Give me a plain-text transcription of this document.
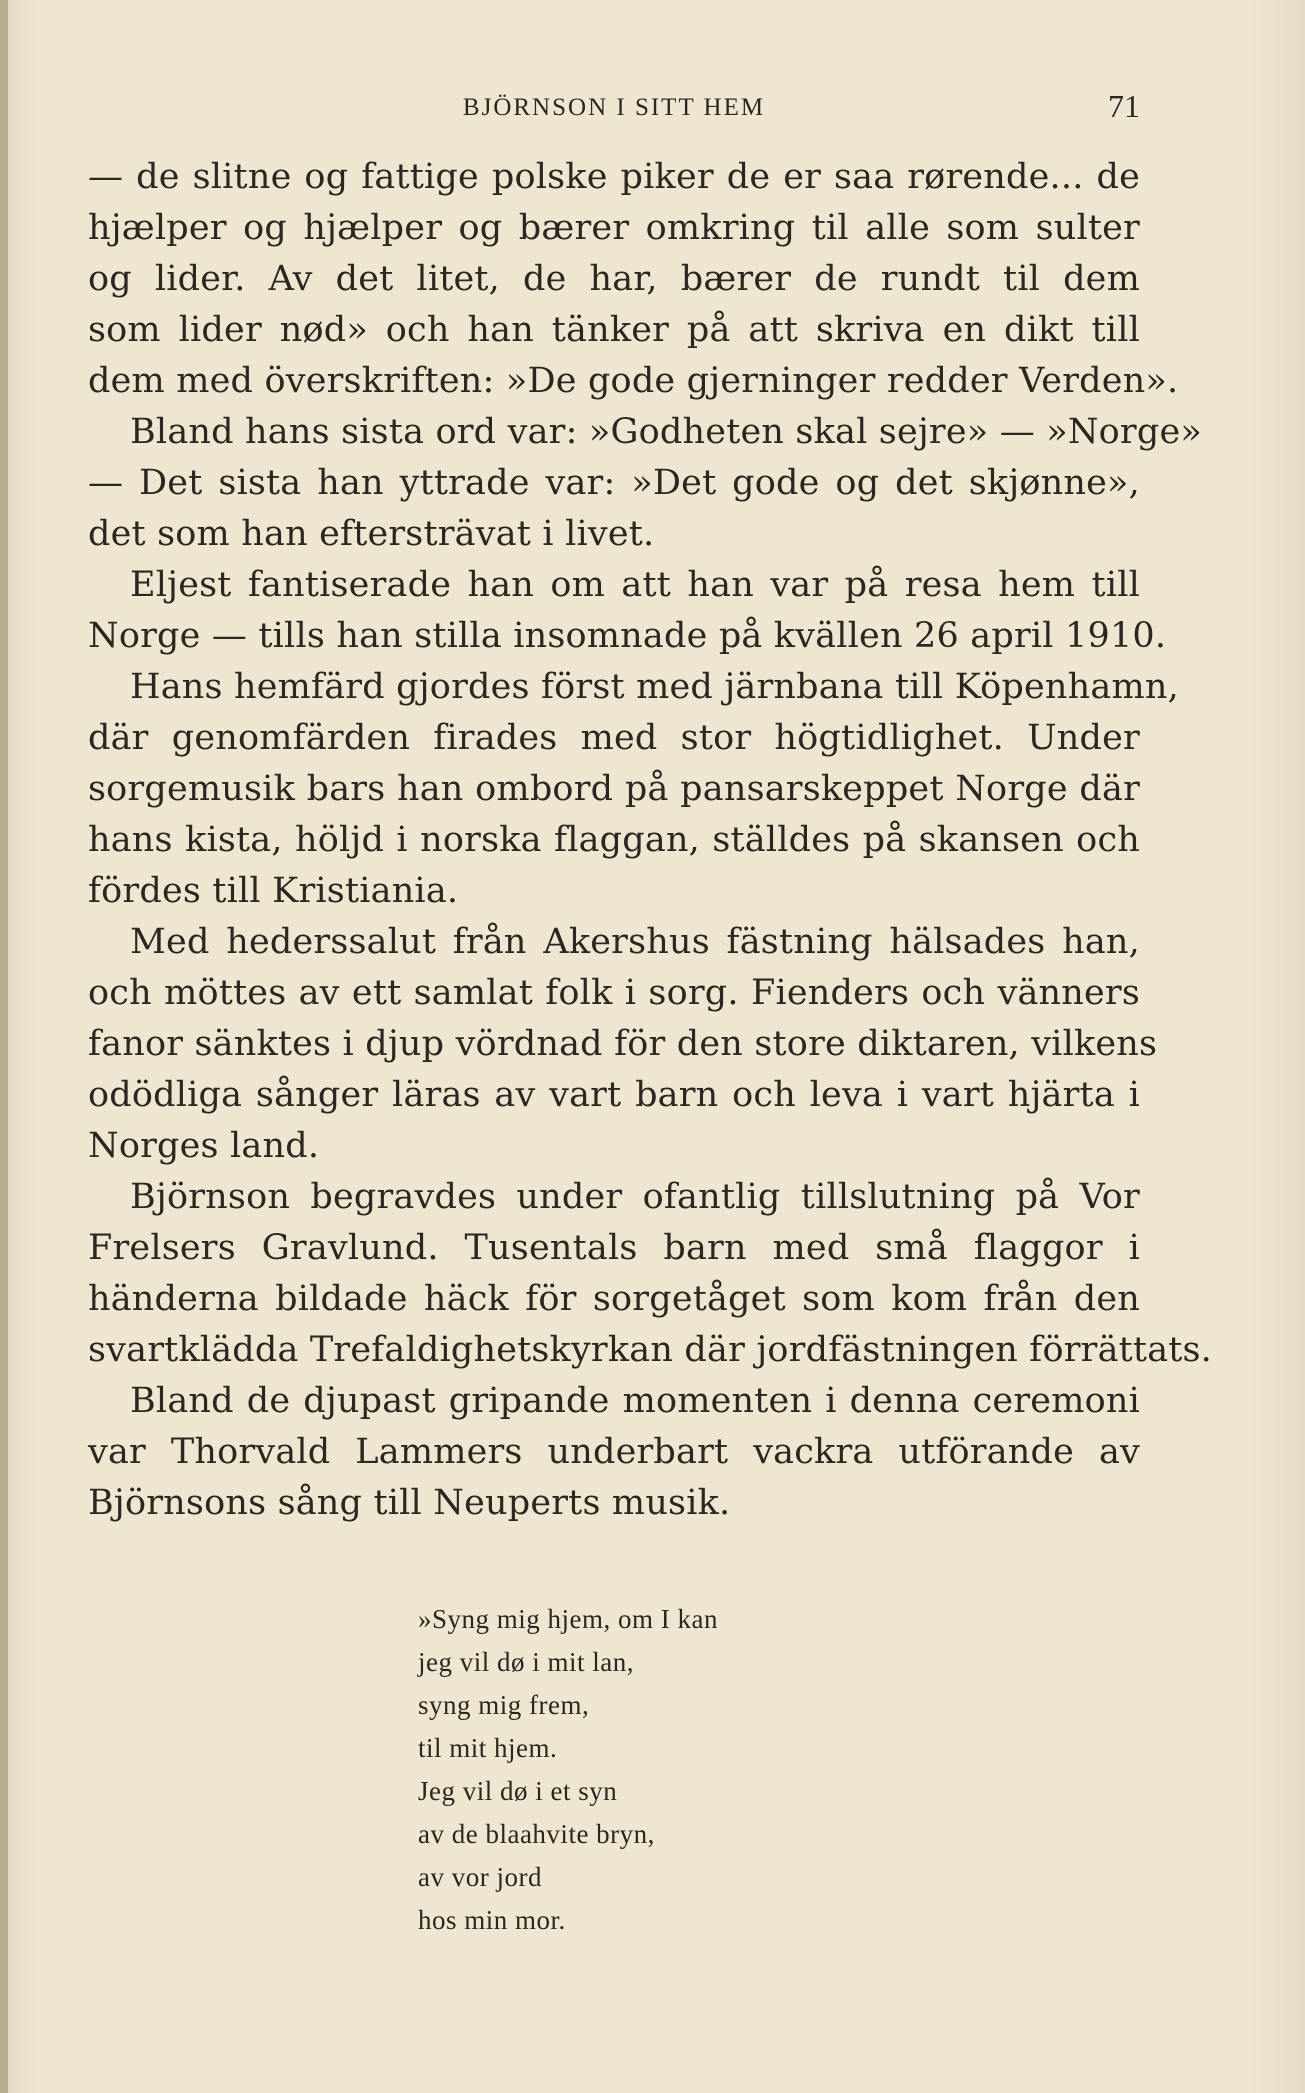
BJÖRNSON I SITT HEM	71
— de slitne og fattige polske piker de er saa rørende... de
hjælper og hjælper og bærer omkring til alle som sulter
og lider. Av det litet, de har, bærer de rundt til dem
som lider nød» och han tänker på att skriva en dikt till
dem med överskriften: »De gode gjerninger redder Verden».
Bland hans sista ord var: »Godheten skal sejre» — »Norge»
— Det sista han yttrade var: »Det gode og det skjønne»,
det som han eftersträvat i livet.
Eljest fantiserade han om att han var på resa hem till
Norge — tills han stilla insomnade på kvällen 26 april 1910.
Hans hemfärd gjordes först med järnbana till Köpenhamn,
där genomfärden firades med stor högtidlighet. Under
sorgemusik bars han ombord på pansarskeppet Norge där
hans kista, höljd i norska flaggan, ställdes på skansen och
fördes till Kristiania.
Med hederssalut från Akershus fästning hälsades han,
och möttes av ett samlat folk i sorg. Fienders och vänners
fanor sänktes i djup vördnad för den store diktaren, vilkens
odödliga sånger läras av vart barn och leva i vart hjärta i
Norges land.
Björnson begravdes under ofantlig tillslutning på Vor
Frelsers Gravlund. Tusentals barn med små flaggor i
händerna bildade häck för sorgetåget som kom från den
svartklädda Trefaldighetskyrkan där jordfästningen förrättats.
Bland de djupast gripande momenten i denna ceremoni
var Thorvald Lammers underbart vackra utförande av
Björnsons sång till Neuperts musik.
»Syng mig hjem, om I kan
jeg vil dø i mit lan,
syng mig frem,
til mit hjem.
Jeg vil dø i et syn
av de blaahvite bryn,
av vor jord
hos min mor.
